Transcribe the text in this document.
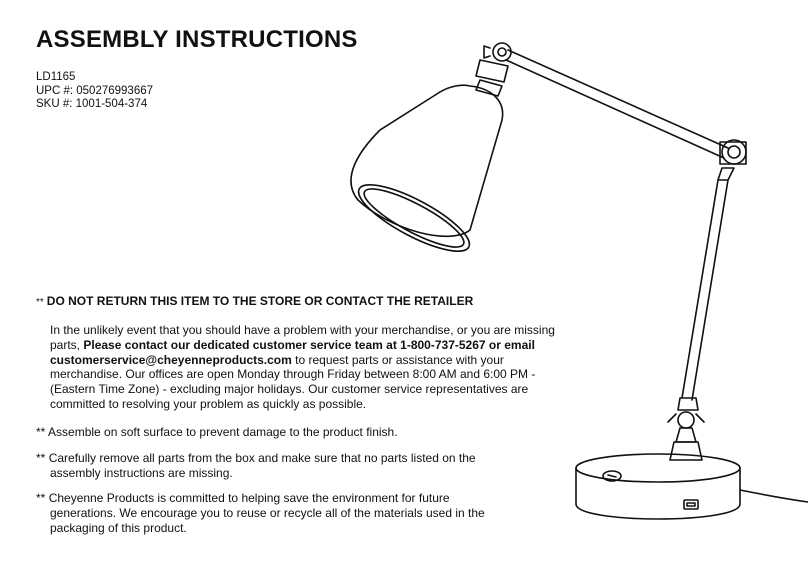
ASSEMBLY INSTRUCTIONS
LD1165
UPC #: 050276993667
SKU #: 1001-504-374
** DO NOT RETURN THIS ITEM TO THE STORE OR CONTACT THE RETAILER
In the unlikely event that you should have a problem with your merchandise, or you are missing parts, Please contact our dedicated customer service team at 1-800-737-5267 or email customerservice@cheyenneproducts.com to request parts or assistance with your merchandise. Our offices are open Monday through Friday between 8:00 AM and 6:00 PM - (Eastern Time Zone) - excluding major holidays. Our customer service representatives are committed to resolving your problem as quickly as possible.
** Assemble on soft surface to prevent damage to the product finish.
** Carefully remove all parts from the box and make sure that no parts listed on the assembly instructions are missing.
** Cheyenne Products is committed to helping save the environment for future generations. We encourage you to reuse or recycle all of the materials used in the packaging of this product.
